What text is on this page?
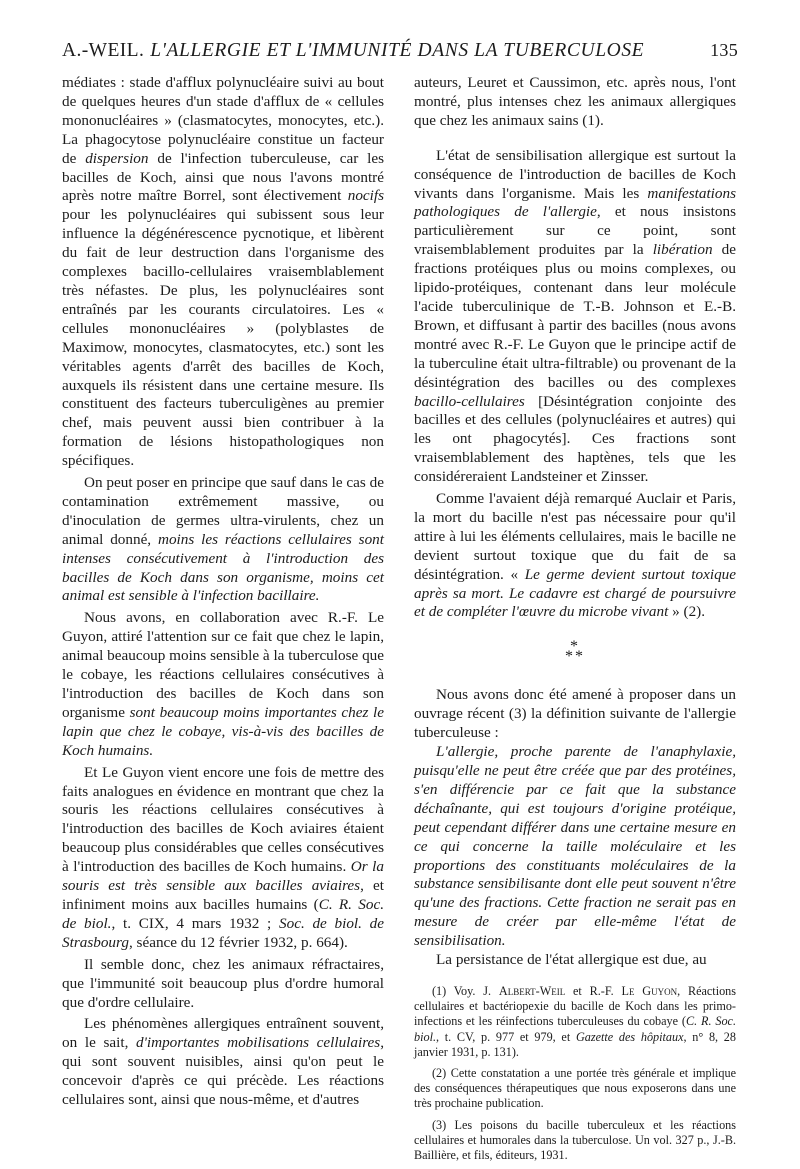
A.-WEIL. L'ALLERGIE ET L'IMMUNITÉ DANS LA TUBERCULOSE	135

médiates : stade d'afflux polynucléaire suivi au bout de quelques heures d'un stade d'afflux de « cellules mononucléaires » (clasmatocytes, monocytes, etc.). La phagocytose polynucléaire constitue un facteur de dispersion de l'infection tuberculeuse, car les bacilles de Koch, ainsi que nous l'avons montré après notre maître Borrel, sont électivement nocifs pour les polynucléaires qui subissent sous leur influence la dégénérescence pycnotique, et libèrent du fait de leur destruction dans l'organisme des complexes bacillo-cellulaires vraisemblablement très néfastes. De plus, les polynucléaires sont entraînés par les courants circulatoires. Les « cellules mononucléaires » (polyblastes de Maximow, monocytes, clasmatocytes, etc.) sont les véritables agents d'arrêt des bacilles de Koch, auxquels ils résistent dans une certaine mesure. Ils constituent des facteurs tuberculigènes au premier chef, mais peuvent aussi bien contribuer à la formation de lésions histopathologiques non spécifiques.

On peut poser en principe que sauf dans le cas de contamination extrêmement massive, ou d'inoculation de germes ultra-virulents, chez un animal donné, moins les réactions cellulaires sont intenses consécutivement à l'introduction des bacilles de Koch dans son organisme, moins cet animal est sensible à l'infection bacillaire.

Nous avons, en collaboration avec R.-F. Le Guyon, attiré l'attention sur ce fait que chez le lapin, animal beaucoup moins sensible à la tuberculose que le cobaye, les réactions cellulaires consécutives à l'introduction des bacilles de Koch dans son organisme sont beaucoup moins importantes chez le lapin que chez le cobaye, vis-à-vis des bacilles de Koch humains.

Et Le Guyon vient encore une fois de mettre des faits analogues en évidence en montrant que chez la souris les réactions cellulaires consécutives à l'introduction des bacilles de Koch aviaires étaient beaucoup plus considérables que celles consécutives à l'introduction des bacilles de Koch humains. Or la souris est très sensible aux bacilles aviaires, et infiniment moins aux bacilles humains (C. R. Soc. de biol., t. CIX, 4 mars 1932 ; Soc. de biol. de Strasbourg, séance du 12 février 1932, p. 664).

Il semble donc, chez les animaux réfractaires, que l'immunité soit beaucoup plus d'ordre humoral que d'ordre cellulaire.

Les phénomènes allergiques entraînent souvent, on le sait, d'importantes mobilisations cellulaires, qui sont souvent nuisibles, ainsi qu'on peut le concevoir d'après ce qui précède. Les réactions cellulaires sont, ainsi que nous-même, et d'autres

auteurs, Leuret et Caussimon, etc. après nous, l'ont montré, plus intenses chez les animaux allergiques que chez les animaux sains (1).

L'état de sensibilisation allergique est surtout la conséquence de l'introduction de bacilles de Koch vivants dans l'organisme. Mais les manifestations pathologiques de l'allergie, et nous insistons particulièrement sur ce point, sont vraisemblablement produites par la libération de fractions protéiques plus ou moins complexes, ou lipido-protéiques, contenant dans leur molécule l'acide tuberculinique de T.-B. Johnson et E.-B. Brown, et diffusant à partir des bacilles (nous avons montré avec R.-F. Le Guyon que le principe actif de la tuberculine était ultra-filtrable) ou provenant de la désintégration des bacilles ou des complexes bacillo-cellulaires [Désintégration conjointe des bacilles et des cellules (polynucléaires et autres) qui les ont phagocytés]. Ces fractions sont vraisemblablement des haptènes, tels que les considéreraient Landsteiner et Zinsser.

Comme l'avaient déjà remarqué Auclair et Paris, la mort du bacille n'est pas nécessaire pour qu'il attire à lui les éléments cellulaires, mais le bacille ne devient surtout toxique que du fait de sa désintégration. « Le germe devient surtout toxique après sa mort. Le cadavre est chargé de poursuivre et de compléter l'œuvre du microbe vivant » (2).

*
**

Nous avons donc été amené à proposer dans un ouvrage récent (3) la définition suivante de l'allergie tuberculeuse :

L'allergie, proche parente de l'anaphylaxie, puisqu'elle ne peut être créée que par des protéines, s'en différencie par ce fait que la substance déchaînante, qui est toujours d'origine protéique, peut cependant différer dans une certaine mesure en ce qui concerne la taille moléculaire et les proportions des constituants moléculaires de la substance sensibilisante dont elle peut souvent n'être qu'une des fractions. Cette fraction ne serait pas en mesure de créer par elle-même l'état de sensibilisation.

La persistance de l'état allergique est due, au

(1) Voy. J. Albert-Weil et R.-F. Le Guyon, Réactions cellulaires et bactériopexie du bacille de Koch dans les primo-infections et les réinfections tuberculeuses du cobaye (C. R. Soc. biol., t. CV, p. 977 et 979, et Gazette des hôpitaux, n° 8, 28 janvier 1931, p. 131).

(2) Cette constatation a une portée très générale et implique des conséquences thérapeutiques que nous exposerons dans une très prochaine publication.

(3) Les poisons du bacille tuberculeux et les réactions cellulaires et humorales dans la tuberculose. Un vol. 327 p., J.-B. Baillière, et fils, éditeurs, 1931.
